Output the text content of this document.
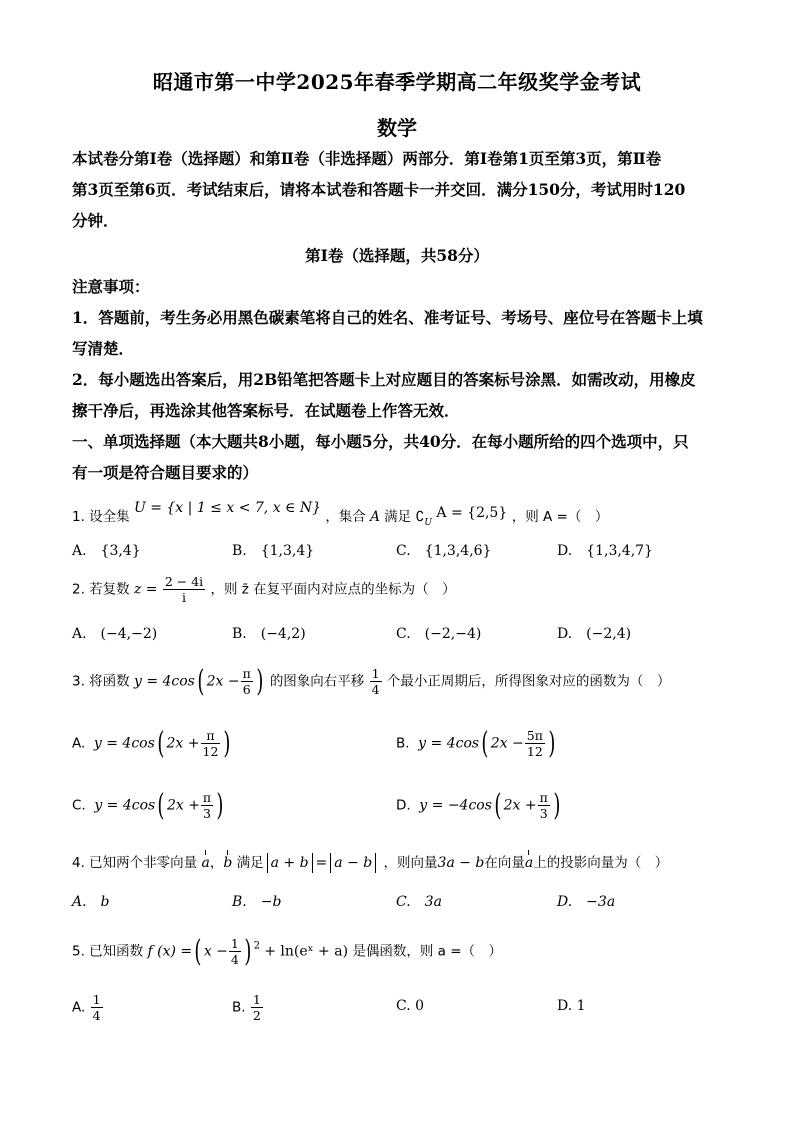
昭通市第一中学2025年春季学期高二年级奖学金考试
数学
本试卷分第Ⅰ卷（选择题）和第Ⅱ卷（非选择题）两部分．第Ⅰ卷第1页至第3页，第Ⅱ卷
第3页至第6页．考试结束后，请将本试卷和答题卡一并交回．满分150分，考试用时120
分钟．
第Ⅰ卷（选择题，共58分）
注意事项：
1．答题前，考生务必用黑色碳素笔将自己的姓名、准考证号、考场号、座位号在答题卡上填
写清楚．
2．每小题选出答案后，用2B铅笔把答题卡上对应题目的答案标号涂黑．如需改动，用橡皮
擦干净后，再选涂其他答案标号．在试题卷上作答无效．
一、单项选择题（本大题共8小题，每小题5分，共40分．在每小题所给的四个选项中，只
有一项是符合题目要求的）
1. 设全集 U = {x | 1 ≤ x < 7, x ∈ N} ，集合 A 满足 $∁_U$ A = {2,5} ，则 A =（　）
A.　{3,4}	B.　{1,3,4}	C.　{1,3,4,6}	D.　{1,3,4,7}
2. 若复数 $z = \frac{2 - 4i}{i}$ ，则 z̄ 在复平面内对应点的坐标为（　）
A.　(−4,−2)	B.　(−4,2)	C.　(−2,−4)	D.　(−2,4)
3. 将函数 y = 4cos( $2x - \frac{\pi}{6}$ ) 的图象向右平移 $\frac{1}{4}$ 个最小正周期后，所得图象对应的函数为（　）
A. y = 4cos( $2x + \frac{\pi}{12}$ )	B. y = 4cos( $2x - \frac{5\pi}{12}$ )
C. y = 4cos( $2x + \frac{\pi}{3}$ )	D. y = −4cos( $2x + \frac{\pi}{3}$ )
4. 已知两个非零向量 a，b 满足 a + b = a − b ，则向量3a − b在向量a上的投影向量为（　）
A.　b	B.　−b	C.　3a	D.　−3a
5. 已知函数 f (x) =( $x - \frac{1}{4}$ ) $^2$ + ln(eˣ + a) 是偶函数，则 a =（　）
A. $\frac{1}{4}$	B. $\frac{1}{2}$	C. 0	D. 1
